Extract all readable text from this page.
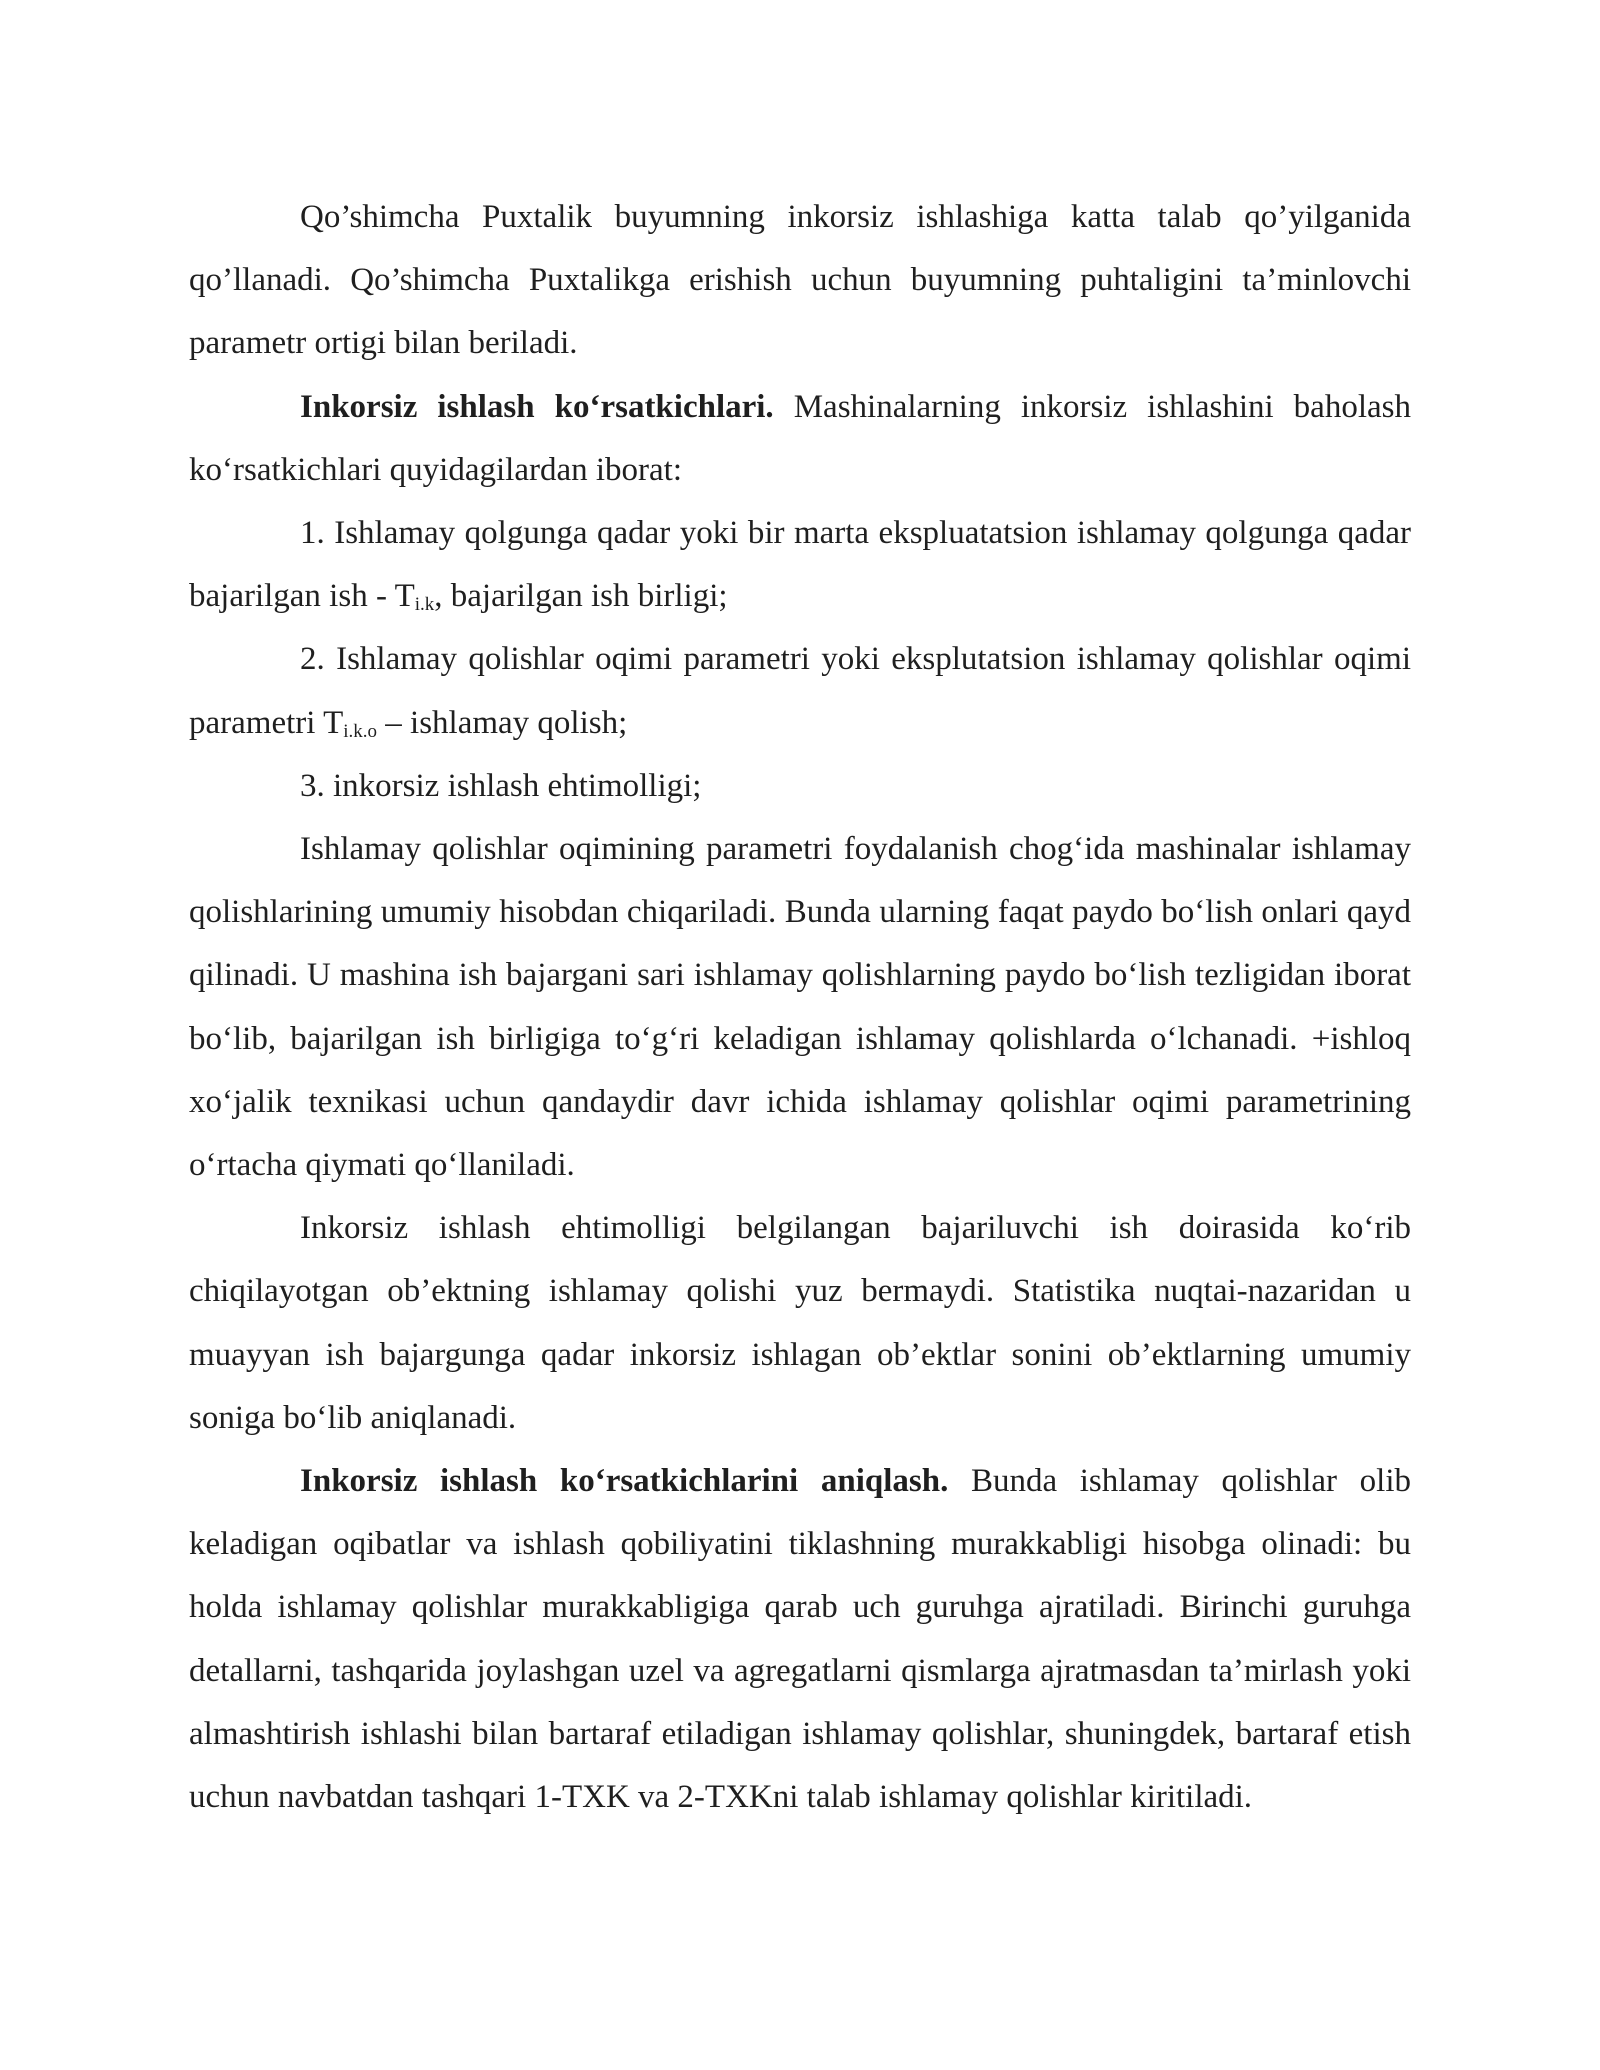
Qo’shimcha Puxtalik buyumning inkorsiz ishlashiga katta talab qo’yilganida qo’llanadi. Qo’shimcha Puxtalikga erishish uchun buyumning puhtaligini ta’minlovchi parametr ortigi bilan beriladi.

Inkorsiz ishlash ko‘rsatkichlari. Mashinalarning inkorsiz ishlashini baholash ko‘rsatkichlari quyidagilardan iborat:

1. Ishlamay qolgunga qadar yoki bir marta ekspluatatsion ishlamay qolgunga qadar bajarilgan ish - $T_{i.k}$, bajarilgan ish birligi;

2. Ishlamay qolishlar oqimi parametri yoki eksplutatsion ishlamay qolishlar oqimi parametri $T_{i.k.o}$ – ishlamay qolish;

3. inkorsiz ishlash ehtimolligi;

Ishlamay qolishlar oqimining parametri foydalanish chog‘ida mashinalar ishlamay qolishlarining umumiy hisobdan chiqariladi. Bunda ularning faqat paydo bo‘lish onlari qayd qilinadi. U mashina ish bajargani sari ishlamay qolishlarning paydo bo‘lish tezligidan iborat bo‘lib, bajarilgan ish birligiga to‘g‘ri keladigan ishlamay qolishlarda o‘lchanadi. +ishloq xo‘jalik texnikasi uchun qandaydir davr ichida ishlamay qolishlar oqimi parametrining o‘rtacha qiymati qo‘llaniladi.

Inkorsiz ishlash ehtimolligi belgilangan bajariluvchi ish doirasida ko‘rib chiqilayotgan ob’ektning ishlamay qolishi yuz bermaydi. Statistika nuqtai-nazaridan u muayyan ish bajargunga qadar inkorsiz ishlagan ob’ektlar sonini ob’ektlarning umumiy soniga bo‘lib aniqlanadi.

Inkorsiz ishlash ko‘rsatkichlarini aniqlash. Bunda ishlamay qolishlar olib keladigan oqibatlar va ishlash qobiliyatini tiklashning murakkabligi hisobga olinadi: bu holda ishlamay qolishlar murakkabligiga qarab uch guruhga ajratiladi. Birinchi guruhga detallarni, tashqarida joylashgan uzel va agregatlarni qismlarga ajratmasdan ta’mirlash yoki almashtirish ishlashi bilan bartaraf etiladigan ishlamay qolishlar, shuningdek, bartaraf etish uchun navbatdan tashqari 1-TXK va 2-TXKni talab ishlamay qolishlar kiritiladi.
